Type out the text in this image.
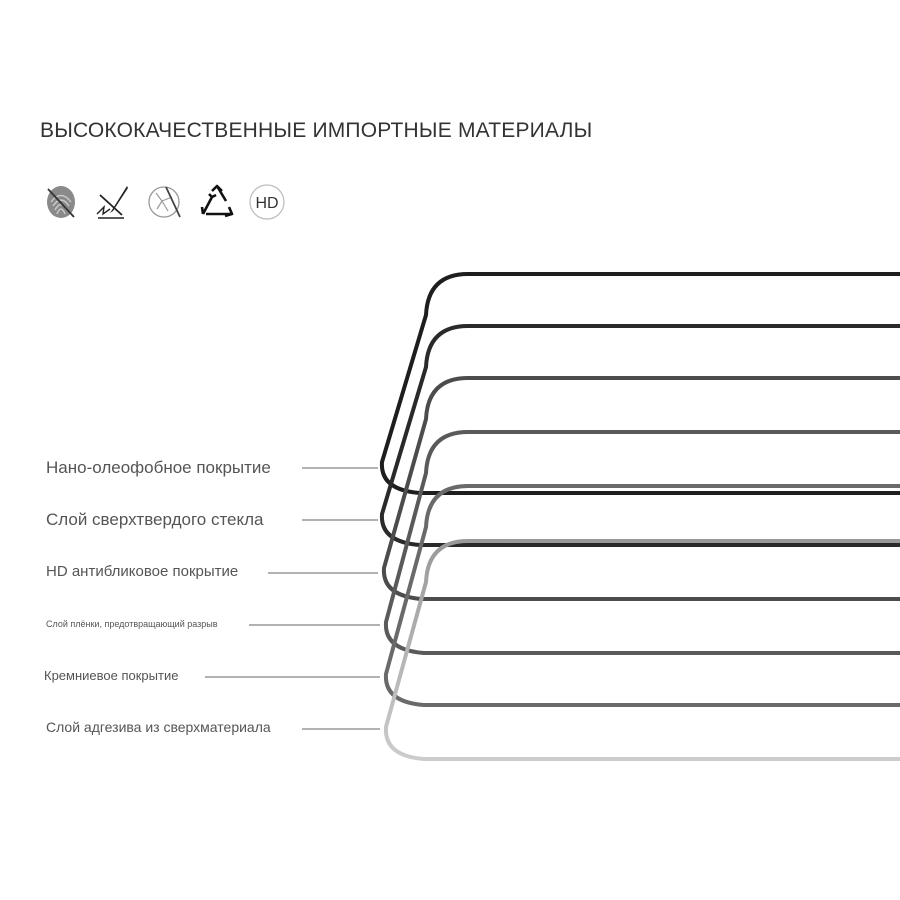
ВЫСОКОКАЧЕСТВЕННЫЕ ИМПОРТНЫЕ МАТЕРИАЛЫ
HD
Нано-олеофобное покрытие
Слой сверхтвердого стекла
HD антибликовое покрытие
Слой плёнки, предотвращающий разрыв
Кремниевое покрытие
Слой адгезива из сверхматериала
